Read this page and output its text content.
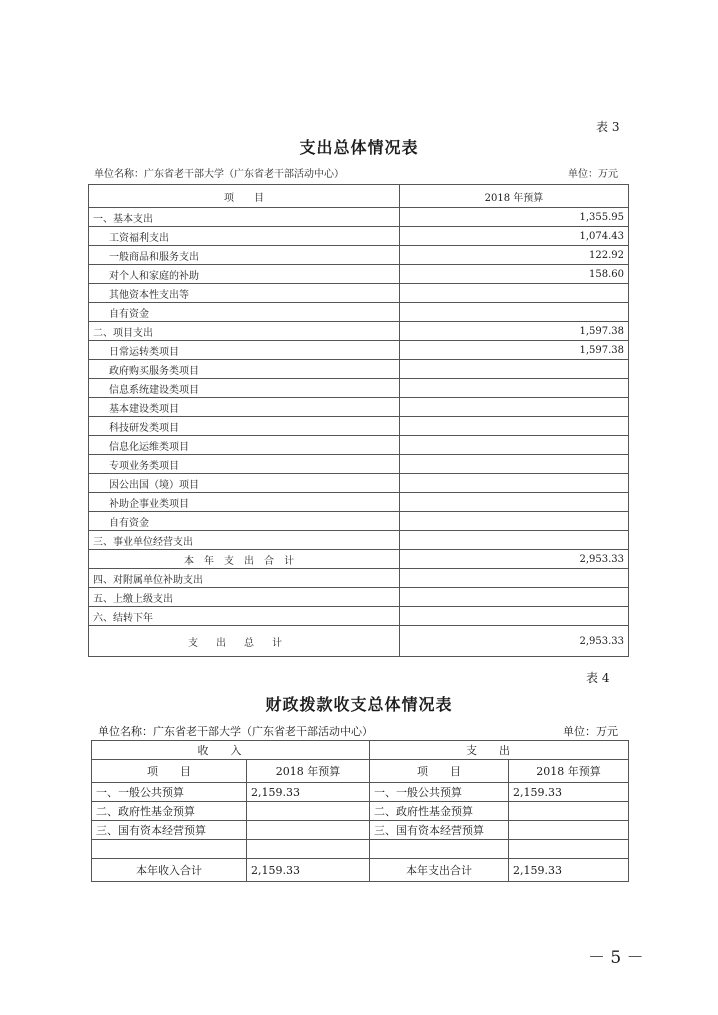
表 3
支出总体情况表
单位名称：广东省老干部大学（广东省老干部活动中心）	单位：万元
项　　目	2018 年预算
一、基本支出	1,355.95
工资福利支出	1,074.43
一般商品和服务支出	122.92
对个人和家庭的补助	158.60
其他资本性支出等	
自有资金	
二、项目支出	1,597.38
日常运转类项目	1,597.38
政府购买服务类项目	
信息系统建设类项目	
基本建设类项目	
科技研发类项目	
信息化运维类项目	
专项业务类项目	
因公出国（境）项目	
补助企事业类项目	
自有资金	
三、事业单位经营支出	
本年支出合计	2,953.33
四、对附属单位补助支出	
五、上缴上级支出	
六、结转下年	
支出总计	2,953.33
表 4
财政拨款收支总体情况表
单位名称：广东省老干部大学（广东省老干部活动中心）	单位：万元
收入		支出	
项　　目	2018 年预算	项　　目	2018 年预算
一、一般公共预算	2,159.33	一、一般公共预算	2,159.33
二、政府性基金预算		二、政府性基金预算	
三、国有资本经营预算		三、国有资本经营预算	

本年收入合计	2,159.33	本年支出合计	2,159.33
－ 5 －
